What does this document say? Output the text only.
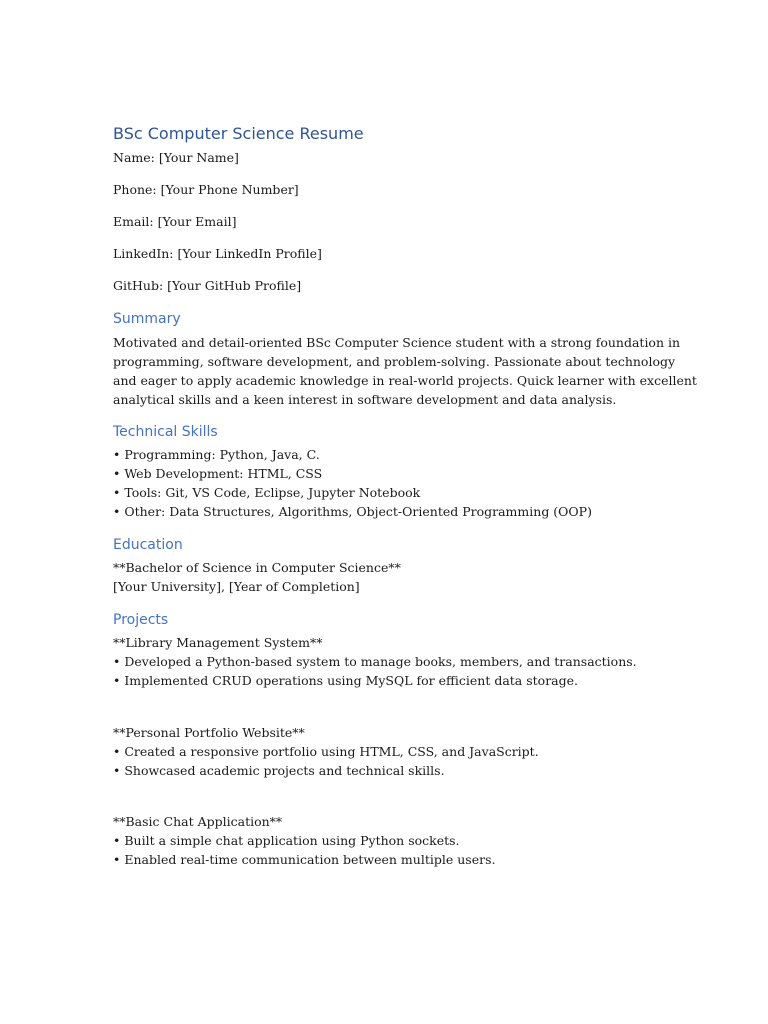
BSc Computer Science Resume

Name: [Your Name]

Phone: [Your Phone Number]

Email: [Your Email]

LinkedIn: [Your LinkedIn Profile]

GitHub: [Your GitHub Profile]

Summary
Motivated and detail-oriented BSc Computer Science student with a strong foundation in
programming, software development, and problem-solving. Passionate about technology
and eager to apply academic knowledge in real-world projects. Quick learner with excellent
analytical skills and a keen interest in software development and data analysis.
Technical Skills
• Programming: Python, Java, C.
• Web Development: HTML, CSS
• Tools: Git, VS Code, Eclipse, Jupyter Notebook
• Other: Data Structures, Algorithms, Object-Oriented Programming (OOP)
Education
**Bachelor of Science in Computer Science**
[Your University], [Year of Completion]
Projects
**Library Management System**
• Developed a Python-based system to manage books, members, and transactions.
• Implemented CRUD operations using MySQL for efficient data storage.
**Personal Portfolio Website**
• Created a responsive portfolio using HTML, CSS, and JavaScript.
• Showcased academic projects and technical skills.
**Basic Chat Application**
• Built a simple chat application using Python sockets.
• Enabled real-time communication between multiple users.
